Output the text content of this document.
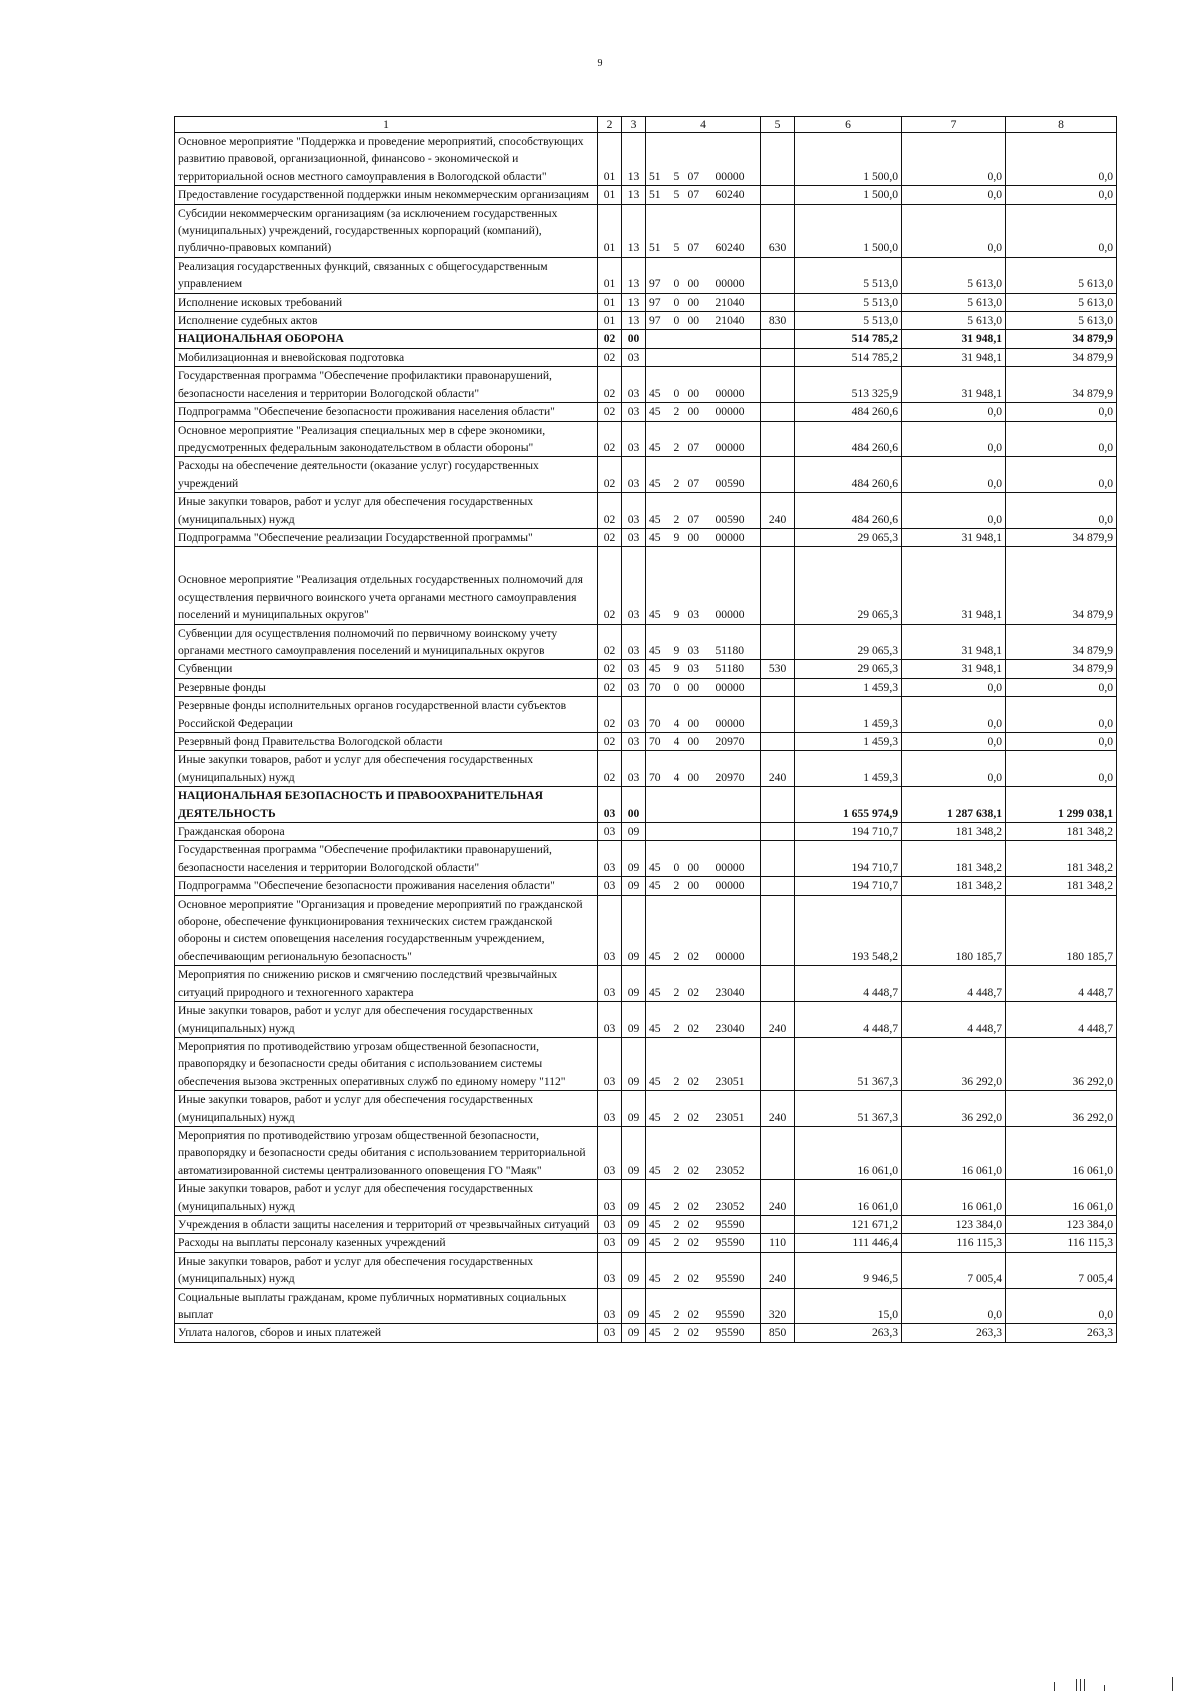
9
1	2	3	4				5	6	7	8
Основное мероприятие "Поддержка и проведение мероприятий, способствующих развитию правовой, организационной, финансово - экономической и территориальной основ местного самоуправления в Вологодской области"	01	13	51	5	07	00000		1 500,0	0,0	0,0
Предоставление государственной поддержки иным некоммерческим организациям	01	13	51	5	07	60240		1 500,0	0,0	0,0
Субсидии некоммерческим организациям (за исключением государственных (муниципальных) учреждений, государственных корпораций (компаний), публично-правовых компаний)	01	13	51	5	07	60240	630	1 500,0	0,0	0,0
Реализация государственных функций, связанных с общегосударственным управлением	01	13	97	0	00	00000		5 513,0	5 613,0	5 613,0
Исполнение исковых требований	01	13	97	0	00	21040		5 513,0	5 613,0	5 613,0
Исполнение судебных актов	01	13	97	0	00	21040	830	5 513,0	5 613,0	5 613,0
НАЦИОНАЛЬНАЯ ОБОРОНА	02	00						514 785,2	31 948,1	34 879,9
Мобилизационная и вневойсковая подготовка	02	03						514 785,2	31 948,1	34 879,9
Государственная программа "Обеспечение профилактики правонарушений, безопасности населения и территории Вологодской области"	02	03	45	0	00	00000		513 325,9	31 948,1	34 879,9
Подпрограмма "Обеспечение безопасности проживания населения области"	02	03	45	2	00	00000		484 260,6	0,0	0,0
Основное мероприятие "Реализация специальных мер в сфере экономики, предусмотренных федеральным законодательством в области обороны"	02	03	45	2	07	00000		484 260,6	0,0	0,0
Расходы на обеспечение деятельности (оказание услуг) государственных учреждений	02	03	45	2	07	00590		484 260,6	0,0	0,0
Иные закупки товаров, работ и услуг для обеспечения государственных (муниципальных) нужд	02	03	45	2	07	00590	240	484 260,6	0,0	0,0
Подпрограмма "Обеспечение реализации Государственной программы"	02	03	45	9	00	00000		29 065,3	31 948,1	34 879,9
Основное мероприятие "Реализация отдельных государственных полномочий для осуществления первичного воинского учета органами местного самоуправления поселений и муниципальных округов"	02	03	45	9	03	00000		29 065,3	31 948,1	34 879,9
Субвенции для осуществления полномочий по первичному воинскому учету органами местного самоуправления поселений и муниципальных округов	02	03	45	9	03	51180		29 065,3	31 948,1	34 879,9
Субвенции	02	03	45	9	03	51180	530	29 065,3	31 948,1	34 879,9
Резервные фонды	02	03	70	0	00	00000		1 459,3	0,0	0,0
Резервные фонды исполнительных органов государственной власти субъектов Российской Федерации	02	03	70	4	00	00000		1 459,3	0,0	0,0
Резервный фонд Правительства Вологодской области	02	03	70	4	00	20970		1 459,3	0,0	0,0
Иные закупки товаров, работ и услуг для обеспечения государственных (муниципальных) нужд	02	03	70	4	00	20970	240	1 459,3	0,0	0,0
НАЦИОНАЛЬНАЯ БЕЗОПАСНОСТЬ И ПРАВООХРАНИТЕЛЬНАЯ ДЕЯТЕЛЬНОСТЬ	03	00						1 655 974,9	1 287 638,1	1 299 038,1
Гражданская оборона	03	09						194 710,7	181 348,2	181 348,2
Государственная программа "Обеспечение профилактики правонарушений, безопасности населения и территории Вологодской области"	03	09	45	0	00	00000		194 710,7	181 348,2	181 348,2
Подпрограмма "Обеспечение безопасности проживания населения области"	03	09	45	2	00	00000		194 710,7	181 348,2	181 348,2
Основное мероприятие "Организация и проведение мероприятий по гражданской обороне, обеспечение функционирования технических систем гражданской обороны и систем оповещения населения государственным учреждением, обеспечивающим региональную безопасность"	03	09	45	2	02	00000		193 548,2	180 185,7	180 185,7
Мероприятия по снижению рисков и смягчению последствий чрезвычайных ситуаций природного и техногенного характера	03	09	45	2	02	23040		4 448,7	4 448,7	4 448,7
Иные закупки товаров, работ и услуг для обеспечения государственных (муниципальных) нужд	03	09	45	2	02	23040	240	4 448,7	4 448,7	4 448,7
Мероприятия по противодействию угрозам общественной безопасности, правопорядку и безопасности среды обитания с использованием системы обеспечения вызова экстренных оперативных служб по единому номеру "112"	03	09	45	2	02	23051		51 367,3	36 292,0	36 292,0
Иные закупки товаров, работ и услуг для обеспечения государственных (муниципальных) нужд	03	09	45	2	02	23051	240	51 367,3	36 292,0	36 292,0
Мероприятия по противодействию угрозам общественной безопасности, правопорядку и безопасности среды обитания с использованием территориальной автоматизированной системы централизованного оповещения ГО "Маяк"	03	09	45	2	02	23052		16 061,0	16 061,0	16 061,0
Иные закупки товаров, работ и услуг для обеспечения государственных (муниципальных) нужд	03	09	45	2	02	23052	240	16 061,0	16 061,0	16 061,0
Учреждения в области защиты населения и территорий от чрезвычайных ситуаций	03	09	45	2	02	95590		121 671,2	123 384,0	123 384,0
Расходы на выплаты персоналу казенных учреждений	03	09	45	2	02	95590	110	111 446,4	116 115,3	116 115,3
Иные закупки товаров, работ и услуг для обеспечения государственных (муниципальных) нужд	03	09	45	2	02	95590	240	9 946,5	7 005,4	7 005,4
Социальные выплаты гражданам, кроме публичных нормативных социальных выплат	03	09	45	2	02	95590	320	15,0	0,0	0,0
Уплата налогов, сборов и иных платежей	03	09	45	2	02	95590	850	263,3	263,3	263,3
